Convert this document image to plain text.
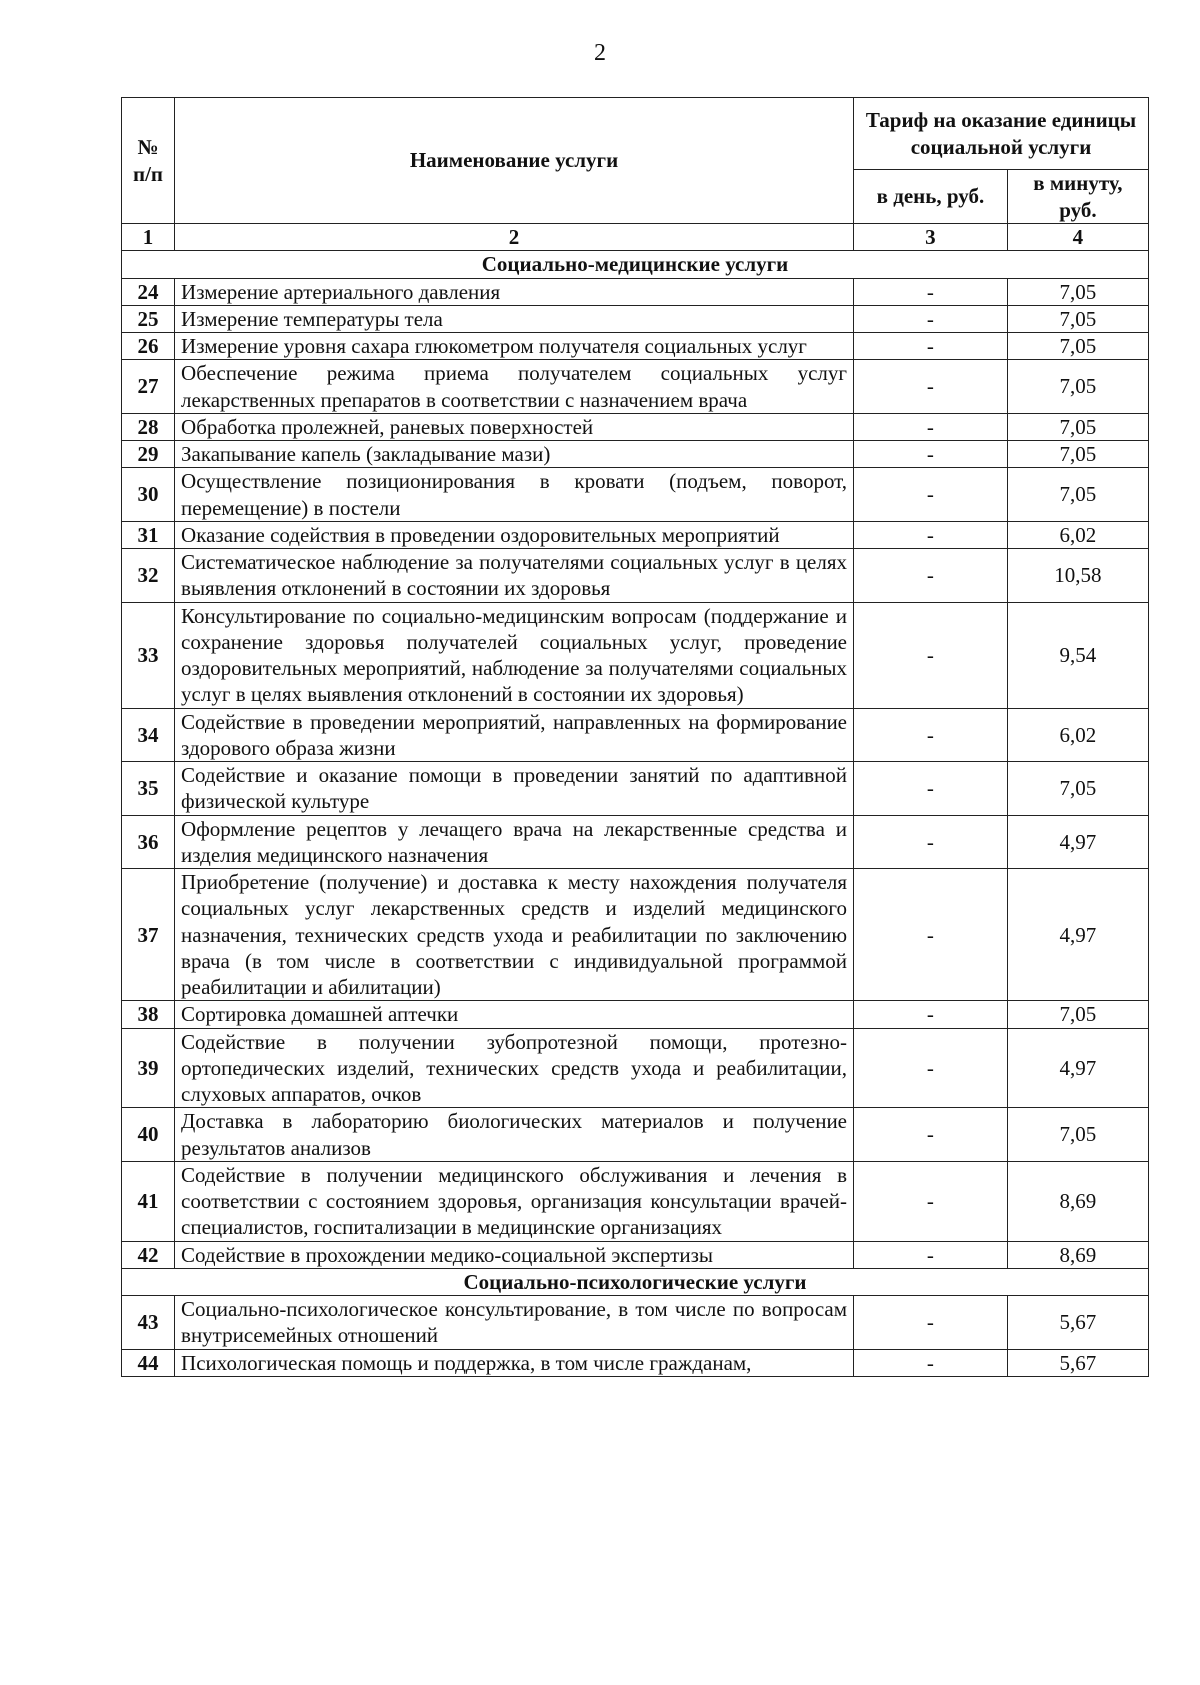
2
№ п/п	Наименование услуги	Тариф на оказание единицы социальной услуги	
		в день, руб.	в минуту, руб.
1	2	3	4
Социально-медицинские услуги			
24	Измерение артериального давления	-	7,05
25	Измерение температуры тела	-	7,05
26	Измерение уровня сахара глюкометром получателя социальных услуг	-	7,05
27	Обеспечение режима приема получателем социальных услуг лекарственных препаратов в соответствии с назначением врача	-	7,05
28	Обработка пролежней, раневых поверхностей	-	7,05
29	Закапывание капель (закладывание мази)	-	7,05
30	Осуществление позиционирования в кровати (подъем, поворот, перемещение) в постели	-	7,05
31	Оказание содействия в проведении оздоровительных мероприятий	-	6,02
32	Систематическое наблюдение за получателями социальных услуг в целях выявления отклонений в состоянии их здоровья	-	10,58
33	Консультирование по социально-медицинским вопросам (поддержание и сохранение здоровья получателей социальных услуг, проведение оздоровительных мероприятий, наблюдение за получателями социальных услуг в целях выявления отклонений в состоянии их здоровья)	-	9,54
34	Содействие в проведении мероприятий, направленных на формирование здорового образа жизни	-	6,02
35	Содействие и оказание помощи в проведении занятий по адаптивной физической культуре	-	7,05
36	Оформление рецептов у лечащего врача на лекарственные средства и изделия медицинского назначения	-	4,97
37	Приобретение (получение) и доставка к месту нахождения получателя социальных услуг лекарственных средств и изделий медицинского назначения, технических средств ухода и реабилитации по заключению врача (в том числе в соответствии с индивидуальной программой реабилитации и абилитации)	-	4,97
38	Сортировка домашней аптечки	-	7,05
39	Содействие в получении зубопротезной помощи, протезно-ортопедических изделий, технических средств ухода и реабилитации, слуховых аппаратов, очков	-	4,97
40	Доставка в лабораторию биологических материалов и получение результатов анализов	-	7,05
41	Содействие в получении медицинского обслуживания и лечения в соответствии с состоянием здоровья, организация консультации врачей-специалистов, госпитализации в медицинские организациях	-	8,69
42	Содействие в прохождении медико-социальной экспертизы	-	8,69
Социально-психологические услуги			
43	Социально-психологическое консультирование, в том числе по вопросам внутрисемейных отношений	-	5,67
44	Психологическая помощь и поддержка, в том числе гражданам,	-	5,67
